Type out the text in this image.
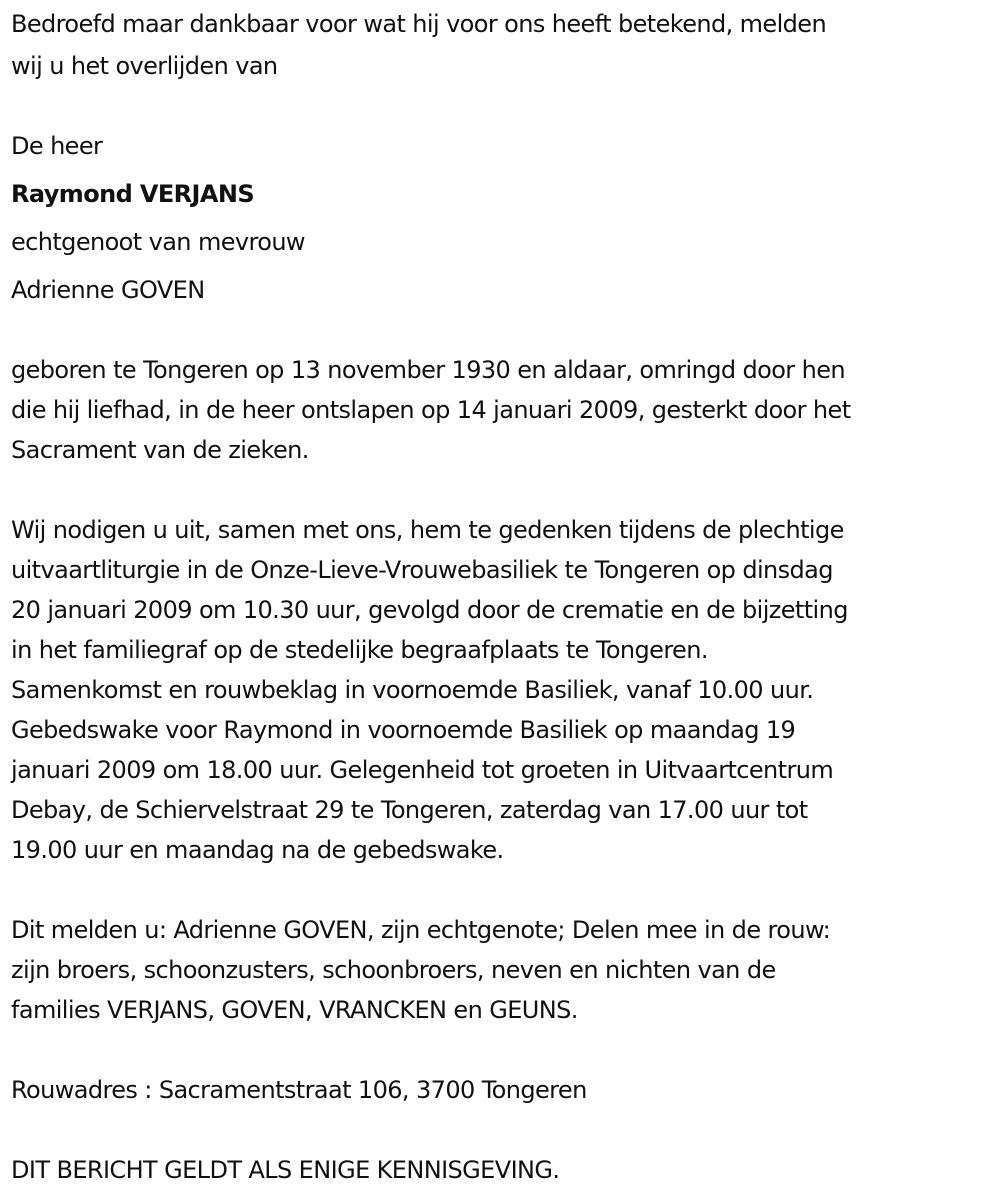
Bedroefd maar dankbaar voor wat hij voor ons heeft betekend, melden
wij u het overlijden van
De heer
Raymond VERJANS
echtgenoot van mevrouw
Adrienne GOVEN
geboren te Tongeren op 13 november 1930 en aldaar, omringd door hen
die hij liefhad, in de heer ontslapen op 14 januari 2009, gesterkt door het
Sacrament van de zieken.
Wij nodigen u uit, samen met ons, hem te gedenken tijdens de plechtige
uitvaartliturgie in de Onze-Lieve-Vrouwebasiliek te Tongeren op dinsdag
20 januari 2009 om 10.30 uur, gevolgd door de crematie en de bijzetting
in het familiegraf op de stedelijke begraafplaats te Tongeren.
Samenkomst en rouwbeklag in voornoemde Basiliek, vanaf 10.00 uur.
Gebedswake voor Raymond in voornoemde Basiliek op maandag 19
januari 2009 om 18.00 uur. Gelegenheid tot groeten in Uitvaartcentrum
Debay, de Schiervelstraat 29 te Tongeren, zaterdag van 17.00 uur tot
19.00 uur en maandag na de gebedswake.
Dit melden u: Adrienne GOVEN, zijn echtgenote; Delen mee in de rouw:
zijn broers, schoonzusters, schoonbroers, neven en nichten van de
families VERJANS, GOVEN, VRANCKEN en GEUNS.
Rouwadres : Sacramentstraat 106, 3700 Tongeren
DIT BERICHT GELDT ALS ENIGE KENNISGEVING.
